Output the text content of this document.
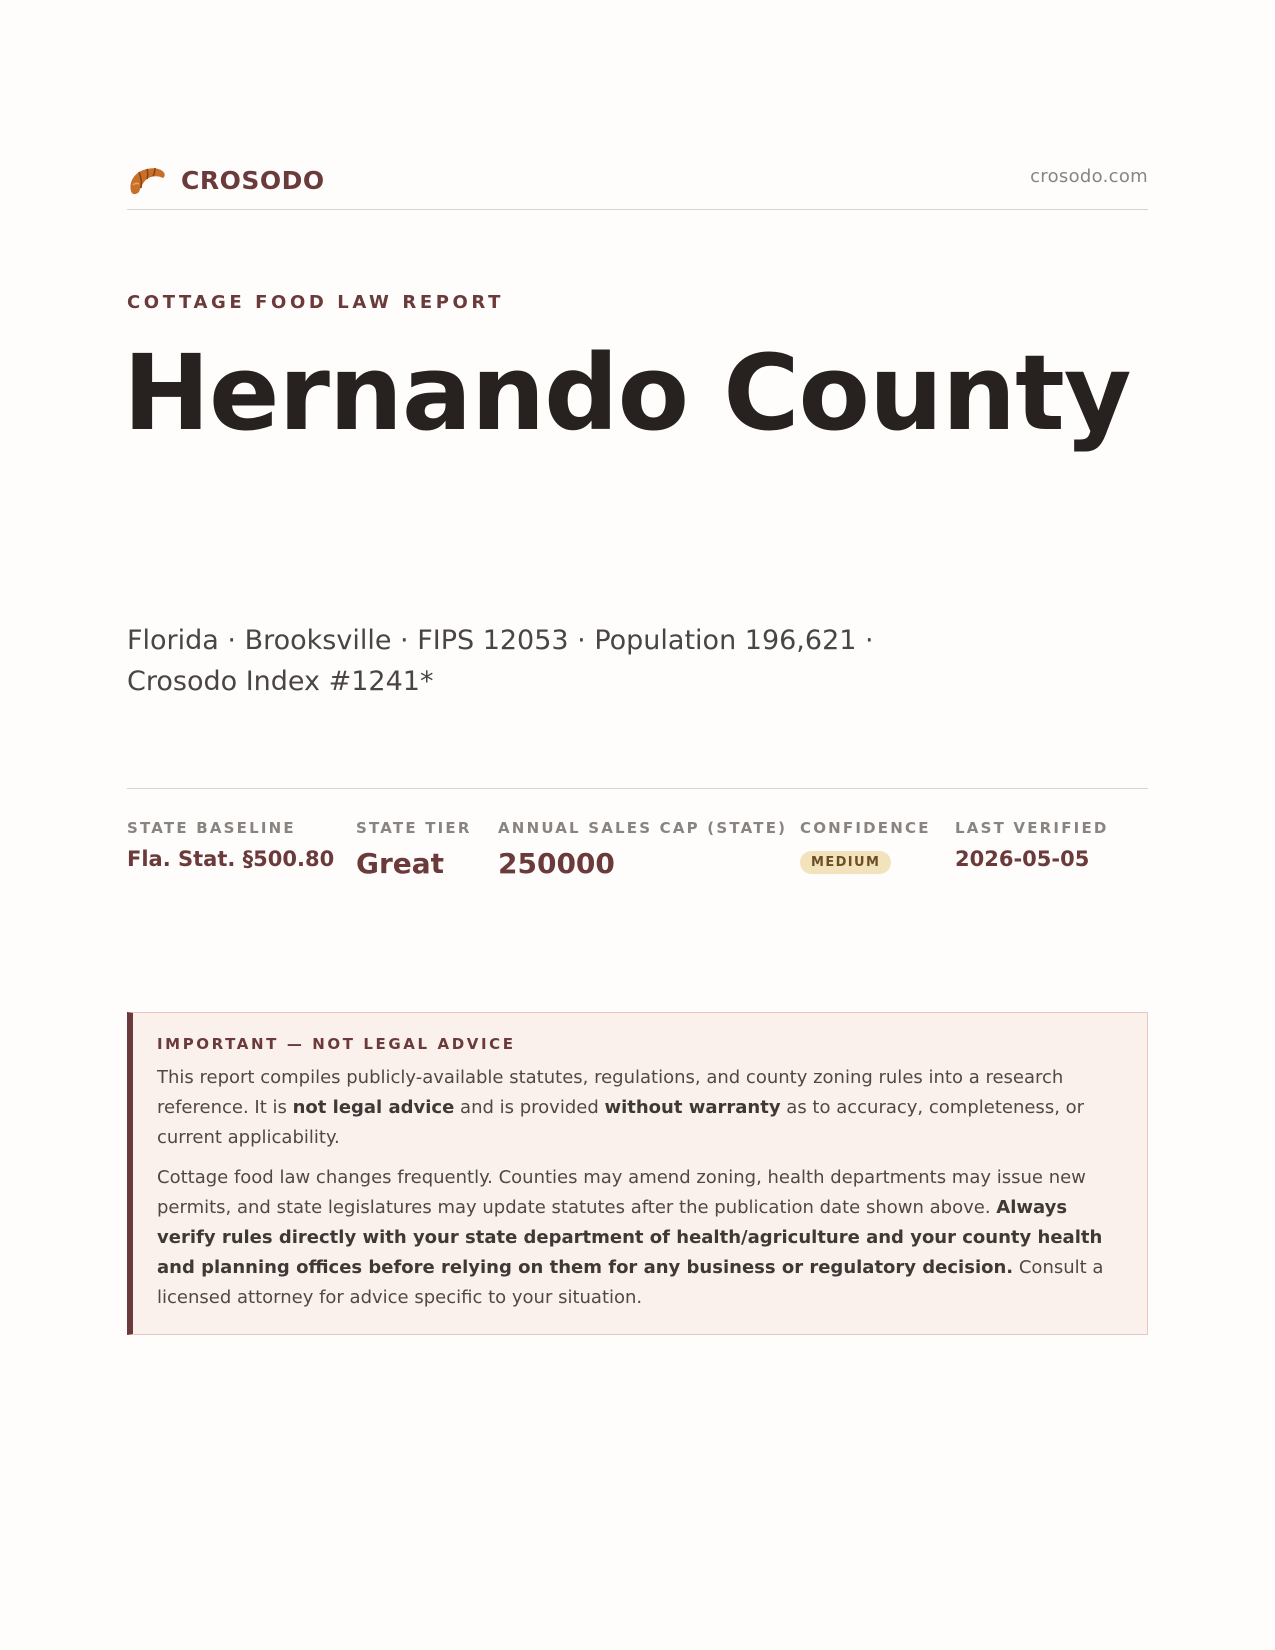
CROSODO	crosodo.com
COTTAGE FOOD LAW REPORT
Hernando County
Florida · Brooksville · FIPS 12053 · Population 196,621 ·
Crosodo Index #1241*
STATE BASELINE
Fla. Stat. §500.80
STATE TIER
Great
ANNUAL SALES CAP (STATE)
250000
CONFIDENCE
MEDIUM
LAST VERIFIED
2026-05-05
IMPORTANT — NOT LEGAL ADVICE

This report compiles publicly-available statutes, regulations, and county zoning rules into a research reference. It is not legal advice and is provided without warranty as to accuracy, completeness, or current applicability.

Cottage food law changes frequently. Counties may amend zoning, health departments may issue new permits, and state legislatures may update statutes after the publication date shown above. Always verify rules directly with your state department of health/agriculture and your county health and planning offices before relying on them for any business or regulatory decision. Consult a licensed attorney for advice specific to your situation.
